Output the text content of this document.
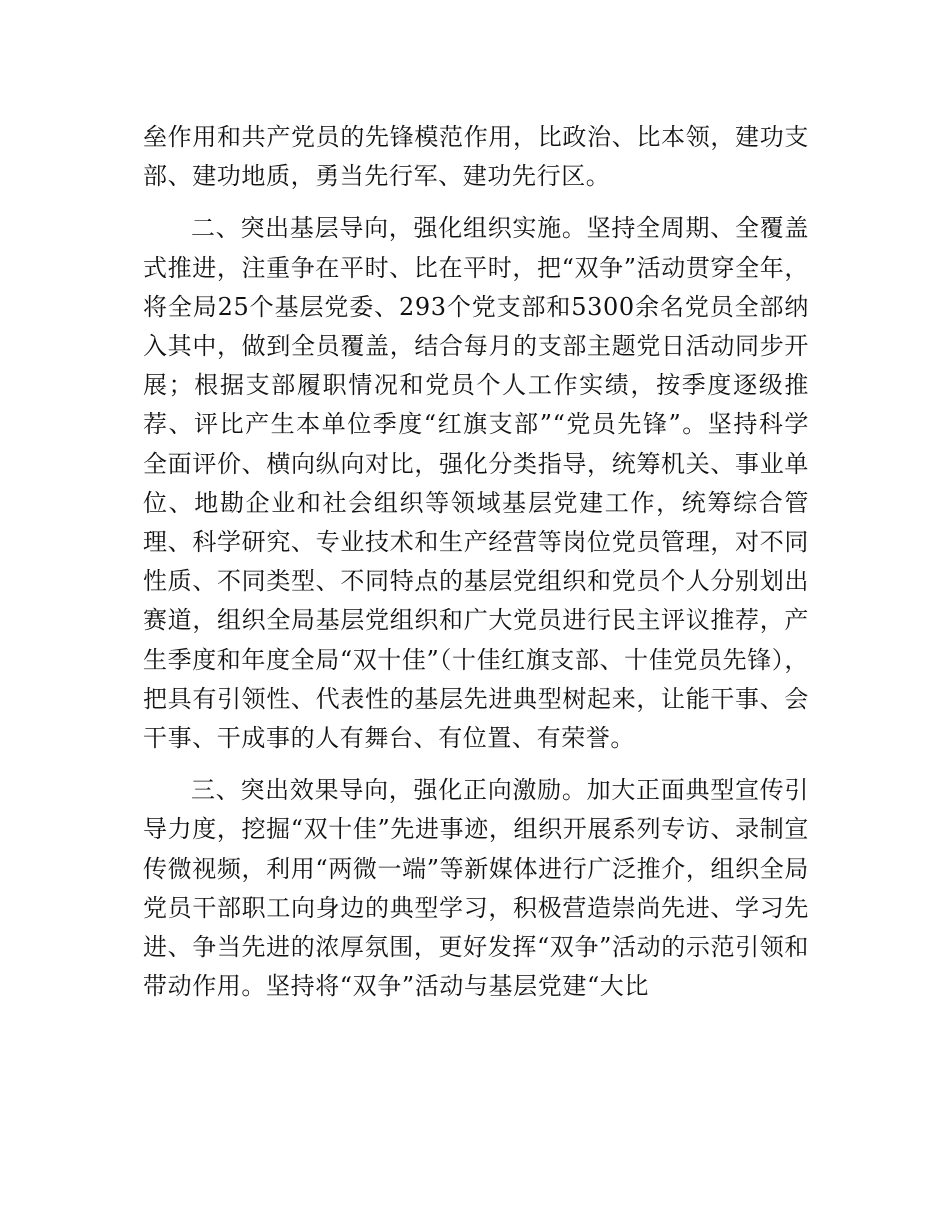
垒作用和共产党员的先锋模范作用，比政治、比本领，建功支部、建功地质，勇当先行军、建功先行区。

二、突出基层导向，强化组织实施。坚持全周期、全覆盖式推进，注重争在平时、比在平时，把“双争”活动贯穿全年，将全局25个基层党委、293个党支部和5300余名党员全部纳入其中，做到全员覆盖，结合每月的支部主题党日活动同步开展；根据支部履职情况和党员个人工作实绩，按季度逐级推荐、评比产生本单位季度“红旗支部”“党员先锋”。坚持科学全面评价、横向纵向对比，强化分类指导，统筹机关、事业单位、地勘企业和社会组织等领域基层党建工作，统筹综合管理、科学研究、专业技术和生产经营等岗位党员管理，对不同性质、不同类型、不同特点的基层党组织和党员个人分别划出赛道，组织全局基层党组织和广大党员进行民主评议推荐，产生季度和年度全局“双十佳”（十佳红旗支部、十佳党员先锋），把具有引领性、代表性的基层先进典型树起来，让能干事、会干事、干成事的人有舞台、有位置、有荣誉。

三、突出效果导向，强化正向激励。加大正面典型宣传引导力度，挖掘“双十佳”先进事迹，组织开展系列专访、录制宣传微视频，利用“两微一端”等新媒体进行广泛推介，组织全局党员干部职工向身边的典型学习，积极营造崇尚先进、学习先进、争当先进的浓厚氛围，更好发挥“双争”活动的示范引领和带动作用。坚持将“双争”活动与基层党建“大比
